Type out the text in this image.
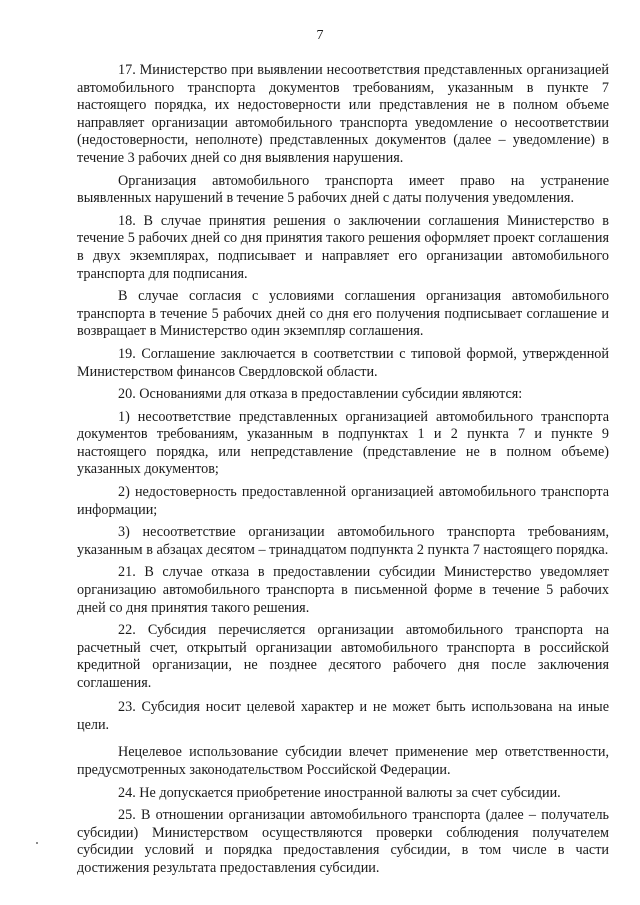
7

17. Министерство при выявлении несоответствия представленных организацией автомобильного транспорта документов требованиям, указанным в пункте 7 настоящего порядка, их недостоверности или представления не в полном объеме направляет организации автомобильного транспорта уведомление о несоответствии (недостоверности, неполноте) представленных документов (далее – уведомление) в течение 3 рабочих дней со дня выявления нарушения.

Организация автомобильного транспорта имеет право на устранение выявленных нарушений в течение 5 рабочих дней с даты получения уведомления.

18. В случае принятия решения о заключении соглашения Министерство в течение 5 рабочих дней со дня принятия такого решения оформляет проект соглашения в двух экземплярах, подписывает и направляет его организации автомобильного транспорта для подписания.

В случае согласия с условиями соглашения организация автомобильного транспорта в течение 5 рабочих дней со дня его получения подписывает соглашение и возвращает в Министерство один экземпляр соглашения.

19. Соглашение заключается в соответствии с типовой формой, утвержденной Министерством финансов Свердловской области.

20. Основаниями для отказа в предоставлении субсидии являются:

1) несоответствие представленных организацией автомобильного транспорта документов требованиям, указанным в подпунктах 1 и 2 пункта 7 и пункте 9 настоящего порядка, или непредставление (представление не в полном объеме) указанных документов;

2) недостоверность предоставленной организацией автомобильного транспорта информации;

3) несоответствие организации автомобильного транспорта требованиям, указанным в абзацах десятом – тринадцатом подпункта 2 пункта 7 настоящего порядка.

21. В случае отказа в предоставлении субсидии Министерство уведомляет организацию автомобильного транспорта в письменной форме в течение 5 рабочих дней со дня принятия такого решения.

22. Субсидия перечисляется организации автомобильного транспорта на расчетный счет, открытый организации автомобильного транспорта в российской кредитной организации, не позднее десятого рабочего дня после заключения соглашения.

23. Субсидия носит целевой характер и не может быть использована на иные цели.

Нецелевое использование субсидии влечет применение мер ответственности, предусмотренных законодательством Российской Федерации.

24. Не допускается приобретение иностранной валюты за счет субсидии.

25. В отношении организации автомобильного транспорта (далее – получатель субсидии) Министерством осуществляются проверки соблюдения получателем субсидии условий и порядка предоставления субсидии, в том числе в части достижения результата предоставления субсидии.
